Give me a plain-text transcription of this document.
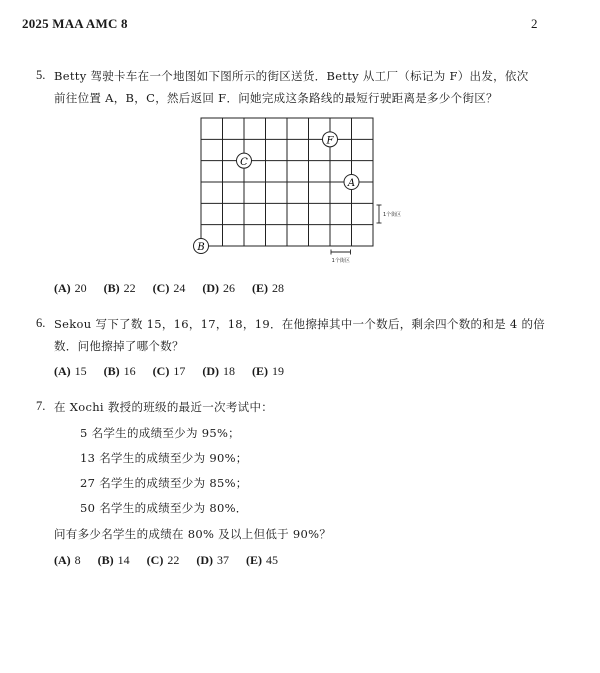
2025 MAA AMC 8	2
5. Betty 驾驶卡车在一个地图如下图所示的街区送货．Betty 从工厂（标记为 F）出发，依次
前往位置 A，B，C，然后返回 F．问她完成这条路线的最短行驶距离是多少个街区？
F
C
A
B
1个街区
1个街区
(A) 20 (B) 22 (C) 24 (D) 26 (E) 28
6. Sekou 写下了数 15，16，17，18，19．在他擦掉其中一个数后，剩余四个数的和是 4 的倍
数．问他擦掉了哪个数？
(A) 15 (B) 16 (C) 17 (D) 18 (E) 19
7. 在 Xochi 教授的班级的最近一次考试中：
5 名学生的成绩至少为 95%；
13 名学生的成绩至少为 90%；
27 名学生的成绩至少为 85%；
50 名学生的成绩至少为 80%．
问有多少名学生的成绩在 80% 及以上但低于 90%？
(A) 8 (B) 14 (C) 22 (D) 37 (E) 45
